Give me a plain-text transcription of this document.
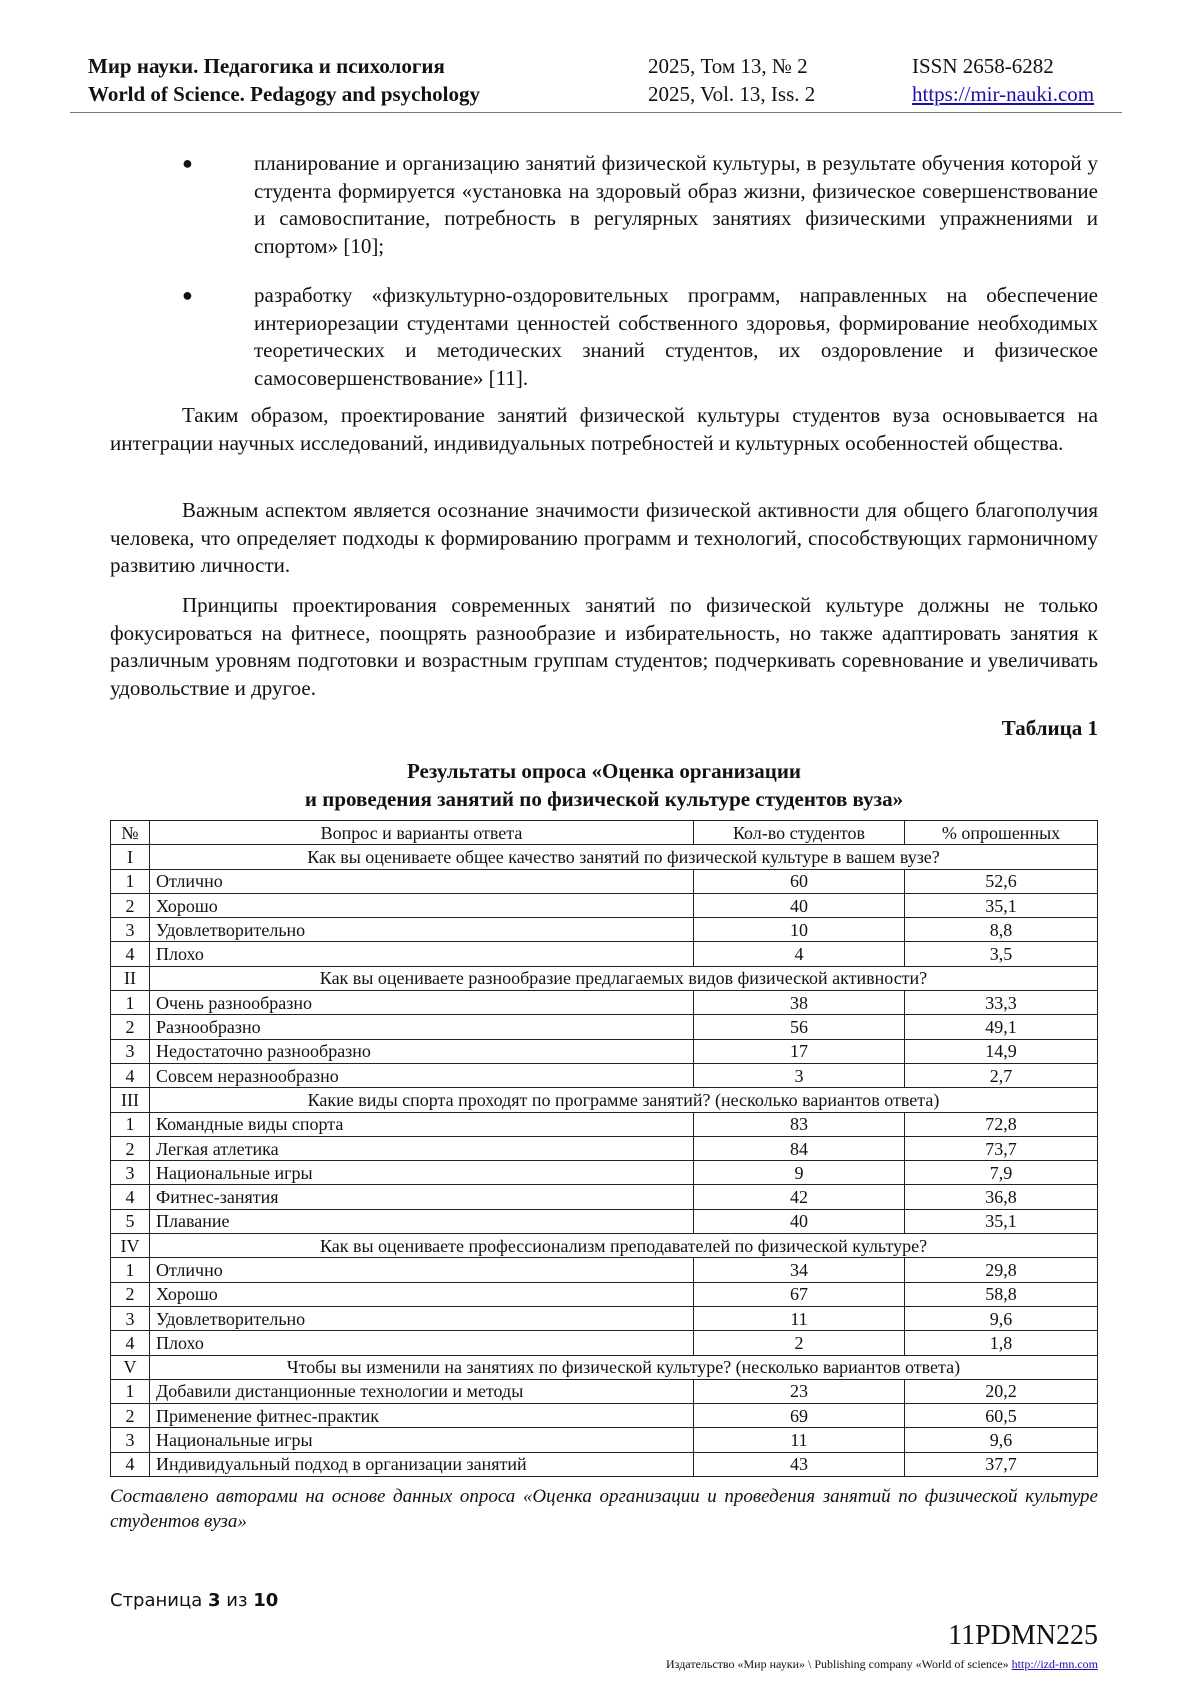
Мир науки. Педагогика и психология
World of Science. Pedagogy and psychology
2025, Том 13, № 2
2025, Vol. 13, Iss. 2
ISSN 2658-6282
https://mir-nauki.com
●	планирование и организацию занятий физической культуры, в результате обучения которой у студента формируется «установка на здоровый образ жизни, физическое совершенствование и самовоспитание, потребность в регулярных занятиях физическими упражнениями и спортом» [10];
●	разработку «физкультурно-оздоровительных программ, направленных на обеспечение интериорезации студентами ценностей собственного здоровья, формирование необходимых теоретических и методических знаний студентов, их оздоровление и физическое самосовершенствование» [11].
Таким образом, проектирование занятий физической культуры студентов вуза основывается на интеграции научных исследований, индивидуальных потребностей и культурных особенностей общества.
Важным аспектом является осознание значимости физической активности для общего благополучия человека, что определяет подходы к формированию программ и технологий, способствующих гармоничному развитию личности.
Принципы проектирования современных занятий по физической культуре должны не только фокусироваться на фитнесе, поощрять разнообразие и избирательность, но также адаптировать занятия к различным уровням подготовки и возрастным группам студентов; подчеркивать соревнование и увеличивать удовольствие и другое.
Таблица 1
Результаты опроса «Оценка организации
и проведения занятий по физической культуре студентов вуза»
№	Вопрос и варианты ответа	Кол-во студентов	% опрошенных
I	Как вы оцениваете общее качество занятий по физической культуре в вашем вузе?		
1	Отлично	60	52,6
2	Хорошо	40	35,1
3	Удовлетворительно	10	8,8
4	Плохо	4	3,5
II	Как вы оцениваете разнообразие предлагаемых видов физической активности?		
1	Очень разнообразно	38	33,3
2	Разнообразно	56	49,1
3	Недостаточно разнообразно	17	14,9
4	Совсем неразнообразно	3	2,7
III	Какие виды спорта проходят по программе занятий? (несколько вариантов ответа)		
1	Командные виды спорта	83	72,8
2	Легкая атлетика	84	73,7
3	Национальные игры	9	7,9
4	Фитнес-занятия	42	36,8
5	Плавание	40	35,1
IV	Как вы оцениваете профессионализм преподавателей по физической культуре?		
1	Отлично	34	29,8
2	Хорошо	67	58,8
3	Удовлетворительно	11	9,6
4	Плохо	2	1,8
V	Чтобы вы изменили на занятиях по физической культуре? (несколько вариантов ответа)		
1	Добавили дистанционные технологии и методы	23	20,2
2	Применение фитнес-практик	69	60,5
3	Национальные игры	11	9,6
4	Индивидуальный подход в организации занятий	43	37,7
Составлено авторами на основе данных опроса «Оценка организации и проведения занятий по физической культуре студентов вуза»
Страница 3 из 10
11PDMN225
Издательство «Мир науки» \ Publishing company «World of science» http://izd-mn.com
